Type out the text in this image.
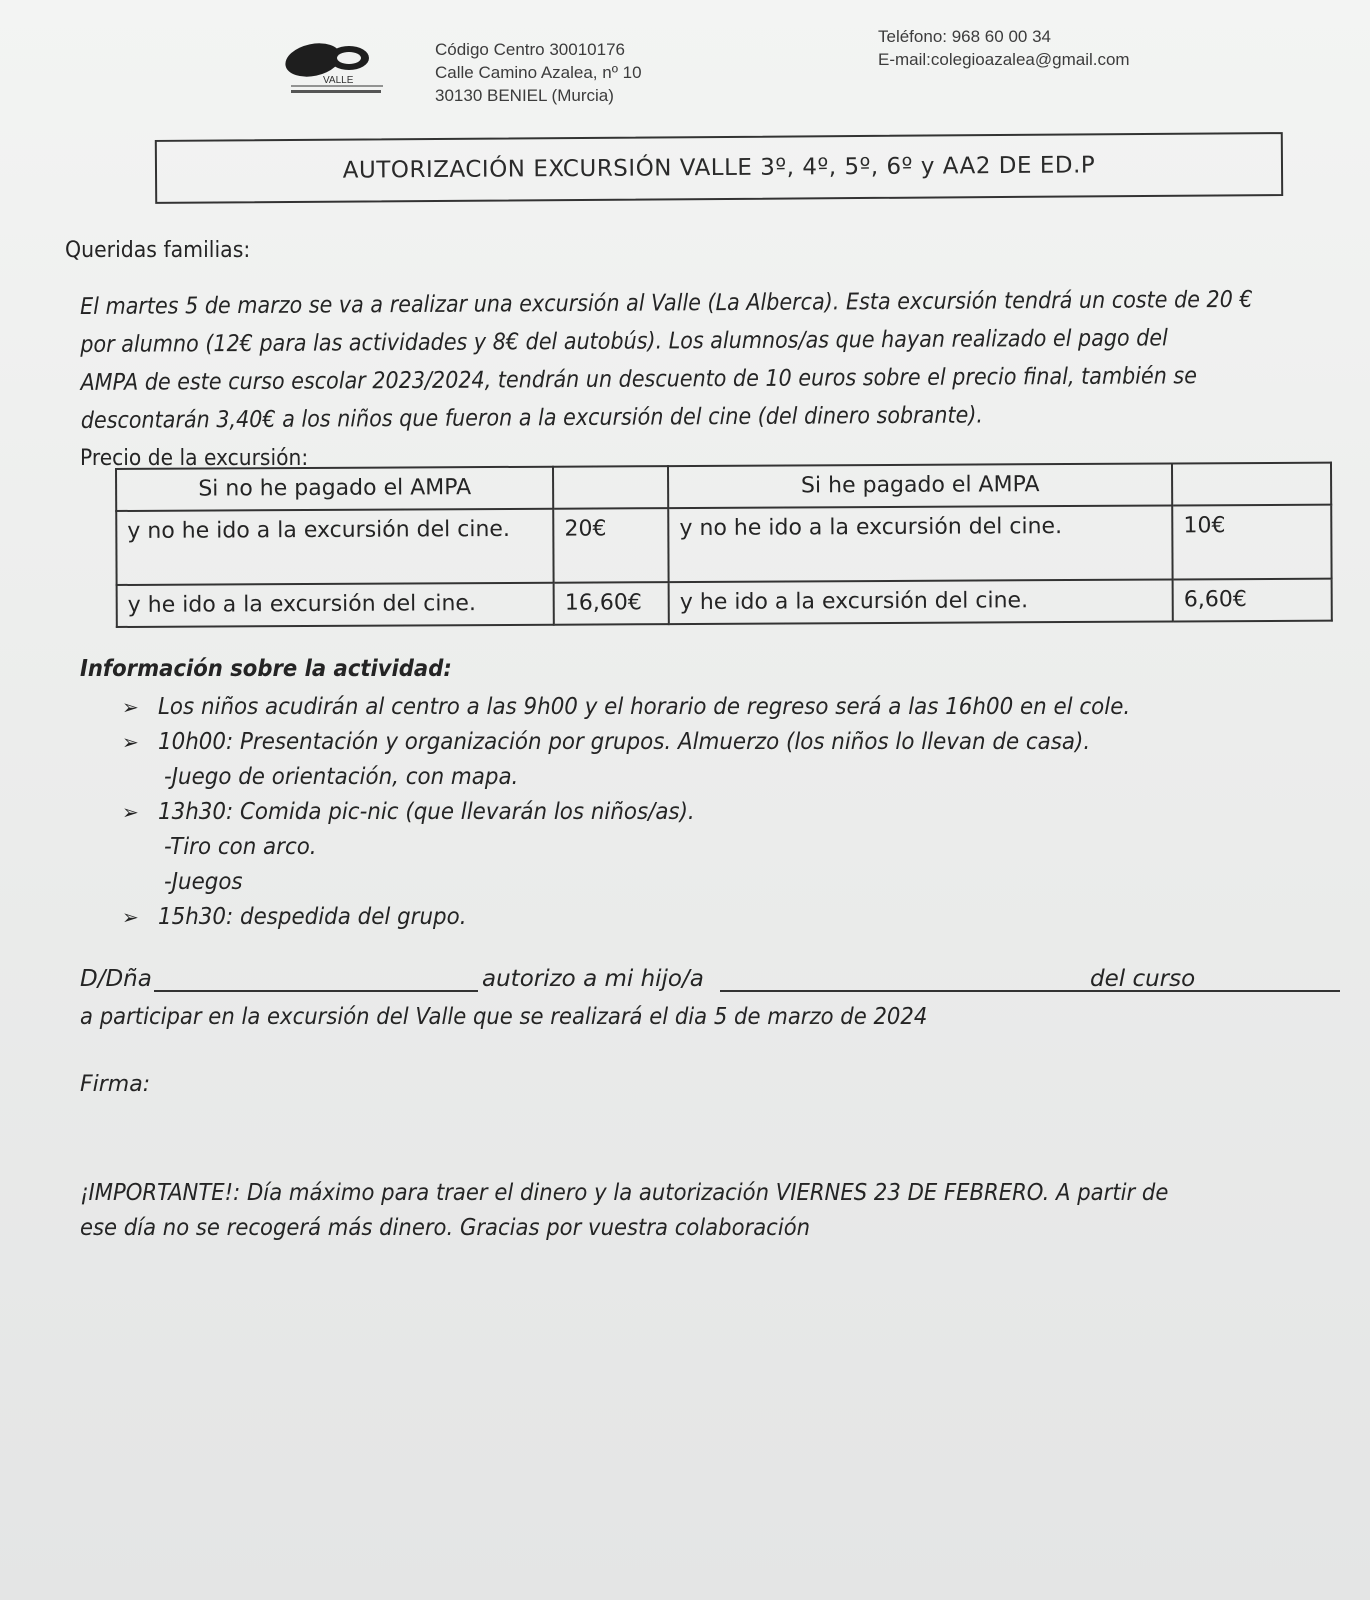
VALLE
Código Centro 30010176
Calle Camino Azalea, nº 10
30130 BENIEL (Murcia)
Teléfono: 968 60 00 34
E-mail:colegioazalea@gmail.com
AUTORIZACIÓN EXCURSIÓN VALLE 3º, 4º, 5º, 6º y AA2 DE ED.P
Queridas familias:
El martes 5 de marzo se va a realizar una excursión al Valle (La Alberca). Esta excursión tendrá un coste de 20 €
por alumno (12€ para las actividades y 8€ del autobús). Los alumnos/as que hayan realizado el pago del
AMPA de este curso escolar 2023/2024, tendrán un descuento de 10 euros sobre el precio final, también se
descontarán 3,40€ a los niños que fueron a la excursión del cine (del dinero sobrante).
Precio de la excursión:
Si no he pagado el AMPA		Si he pagado el AMPA	
y no he ido a la excursión del cine.	20€	y no he ido a la excursión del cine.	10€
y he ido a la excursión del cine.	16,60€	y he ido a la excursión del cine.	6,60€
Información sobre la actividad:
➢ Los niños acudirán al centro a las 9h00 y el horario de regreso será a las 16h00 en el cole.
➢ 10h00: Presentación y organización por grupos. Almuerzo (los niños lo llevan de casa).
-Juego de orientación, con mapa.
➢ 13h30: Comida pic-nic (que llevarán los niños/as).
-Tiro con arco.
-Juegos
➢ 15h30: despedida del grupo.
D/Dña	autorizo a mi hijo/a	del curso
a participar en la excursión del Valle que se realizará el dia 5 de marzo de 2024
Firma:
¡IMPORTANTE!: Día máximo para traer el dinero y la autorización VIERNES 23 DE FEBRERO. A partir de
ese día no se recogerá más dinero. Gracias por vuestra colaboración
